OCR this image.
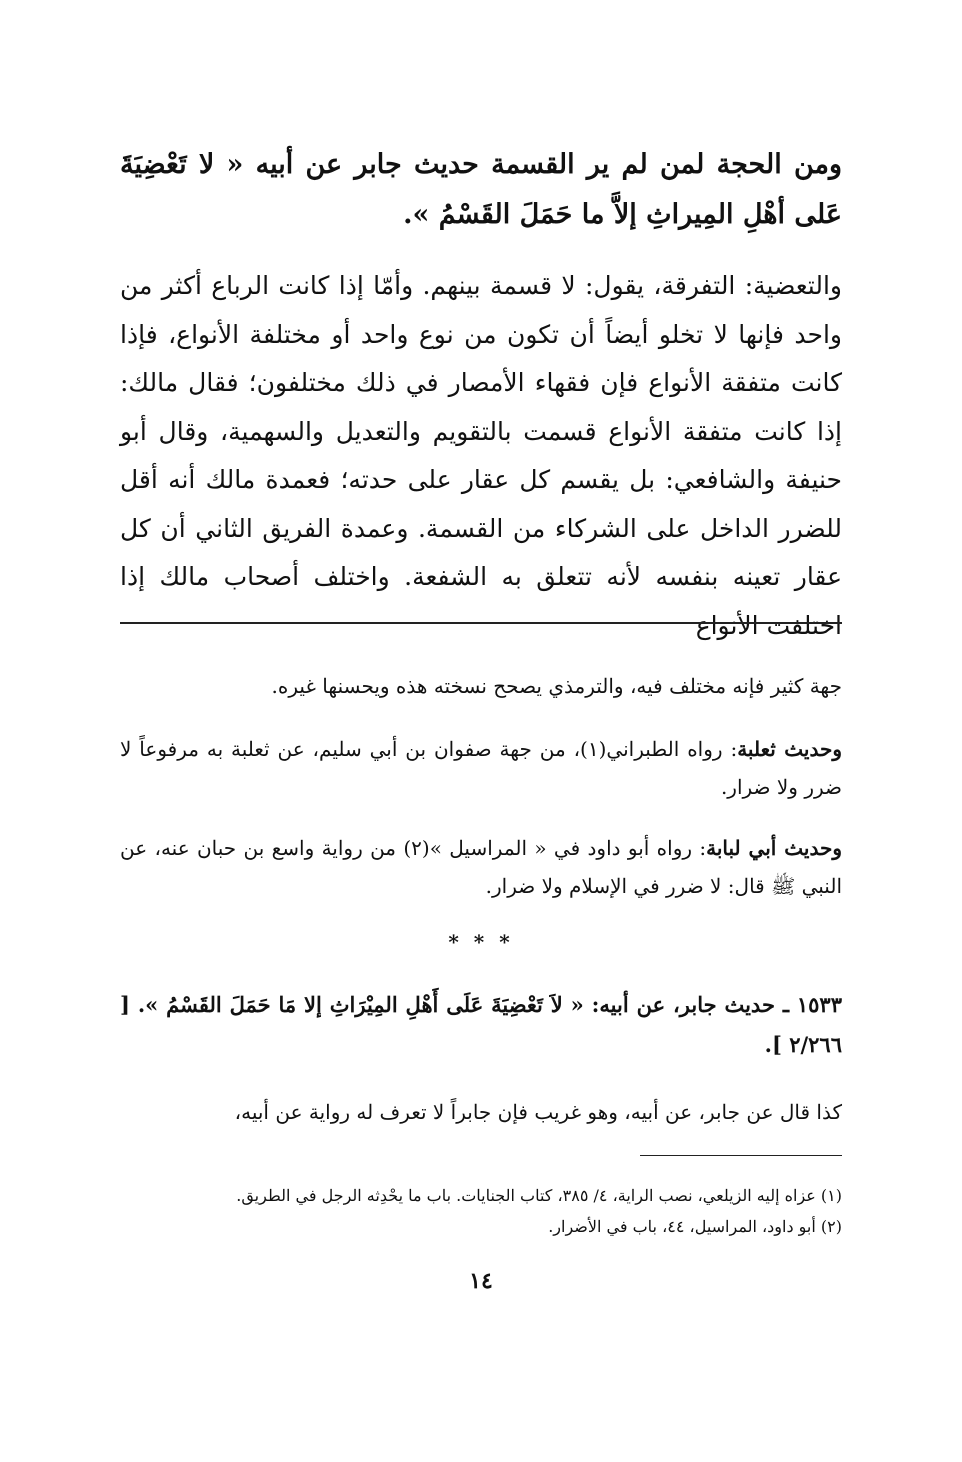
ومن الحجة لمن لم ير القسمة حديث جابر عن أبيه « لا تَعْضِيَةَ عَلى أهْلِ المِيراثِ إلاَّ ما حَمَلَ القَسْمُ ».
والتعضية: التفرقة، يقول: لا قسمة بينهم. وأمّا إذا كانت الرباع أكثر من واحد فإنها لا تخلو أيضاً أن تكون من نوع واحد أو مختلفة الأنواع، فإذا كانت متفقة الأنواع فإن فقهاء الأمصار في ذلك مختلفون؛ فقال مالك: إذا كانت متفقة الأنواع قسمت بالتقويم والتعديل والسهمية، وقال أبو حنيفة والشافعي: بل يقسم كل عقار على حدته؛ فعمدة مالك أنه أقل للضرر الداخل على الشركاء من القسمة. وعمدة الفريق الثاني أن كل عقار تعينه بنفسه لأنه تتعلق به الشفعة. واختلف أصحاب مالك إذا اختلفت الأنواع
جهة كثير فإنه مختلف فيه، والترمذي يصحح نسخته هذه ويحسنها غيره.
وحديث ثعلبة: رواه الطبراني(١)، من جهة صفوان بن أبي سليم، عن ثعلبة به مرفوعاً لا ضرر ولا ضرار.
وحديث أبي لبابة: رواه أبو داود في « المراسيل »(٢) من رواية واسع بن حبان عنه، عن النبي ﷺ قال: لا ضرر في الإسلام ولا ضرار.
* * *
١٥٣٣ ـ حديث جابر، عن أبيه: « لاَ تَعْضِيَةَ عَلَى أَهْلِ المِيْرَاثِ إلا مَا حَمَلَ القَسْمُ ». [ ٢/٢٦٦ ].
كذا قال عن جابر، عن أبيه، وهو غريب فإن جابراً لا تعرف له رواية عن أبيه،
(١) عزاه إليه الزيلعي، نصب الراية، ٤/ ٣٨٥، كتاب الجنايات. باب ما يحْدِثه الرجل في الطريق.
(٢) أبو داود، المراسيل، ٤٤، باب في الأضرار.
١٤
